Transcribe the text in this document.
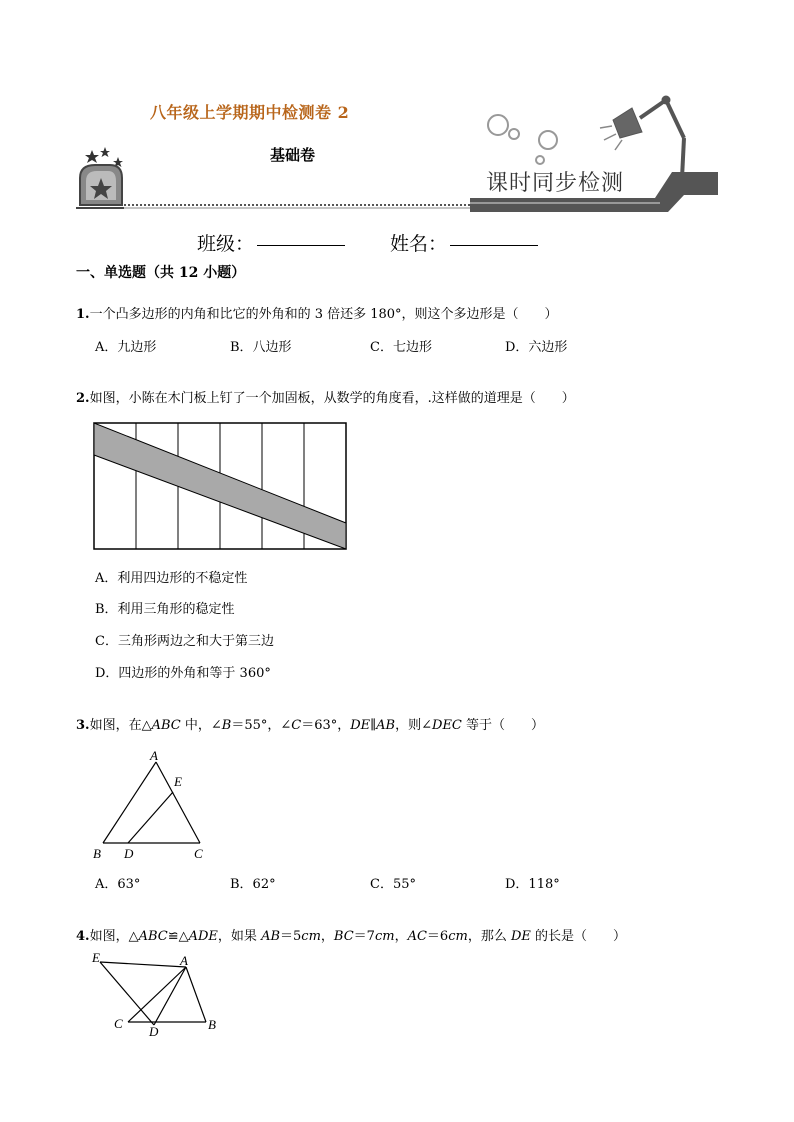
八年级上学期期中检测卷 2
基础卷
课时同步检测
班级：	姓名：
一、单选题（共 12 小题）
1.一个凸多边形的内角和比它的外角和的 3 倍还多 180°，则这个多边形是（　　）
A．九边形	B．八边形	C．七边形	D．六边形
2.如图，小陈在木门板上钉了一个加固板，从数学的角度看，.这样做的道理是（　　）
A．利用四边形的不稳定性
B．利用三角形的稳定性
C．三角形两边之和大于第三边
D．四边形的外角和等于 360°
3.如图，在△ABC 中，∠B＝55°，∠C＝63°，DE∥AB，则∠DEC 等于（　　）
A
E
B D	C
A．63°	B．62°	C．55°	D．118°
4.如图，△ABC≌△ADE，如果 AB＝5cm，BC＝7cm，AC＝6cm，那么 DE 的长是（　　）
E	A
C
D	B
